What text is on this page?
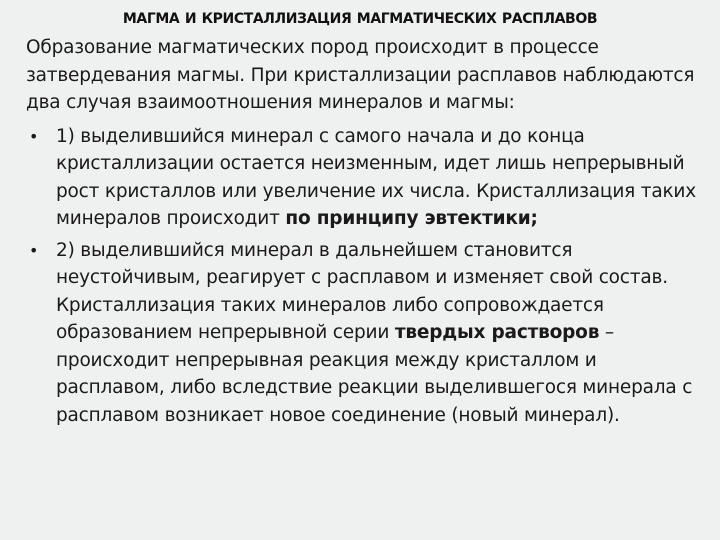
МАГМА И КРИСТАЛЛИЗАЦИЯ МАГМАТИЧЕСКИХ РАСПЛАВОВ

Образование магматических пород происходит в процессе затвердевания магмы. При кристаллизации расплавов наблюдаются два случая взаимоотношения минералов и магмы:

• 1) выделившийся минерал с самого начала и до конца кристаллизации остается неизменным, идет лишь непрерывный рост кристаллов или увеличение их числа. Кристаллизация таких минералов происходит по принципу эвтектики;
• 2) выделившийся минерал в дальнейшем становится неустойчивым, реагирует с расплавом и изменяет свой состав. Кристаллизация таких минералов либо сопровождается образованием непрерывной серии твердых растворов – происходит непрерывная реакция между кристаллом и расплавом, либо вследствие реакции выделившегося минерала с расплавом возникает новое соединение (новый минерал).
